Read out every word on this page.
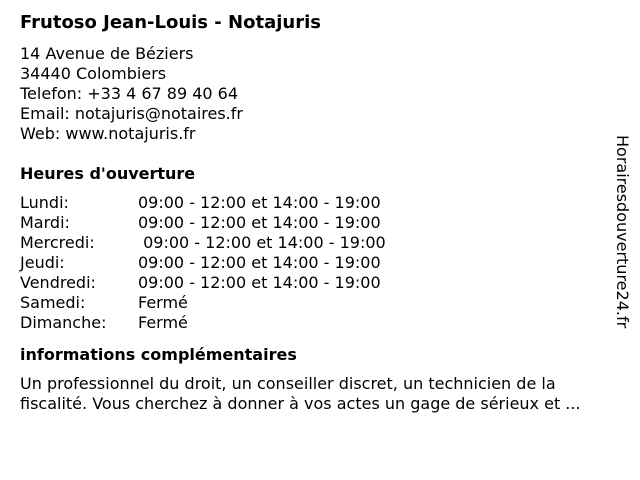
Frutoso Jean-Louis - Notajuris
14 Avenue de Béziers
34440 Colombiers
Telefon: +33 4 67 89 40 64
Email: notajuris@notaires.fr
Web: www.notajuris.fr
Heures d'ouverture
Lundi:	09:00 - 12:00 et 14:00 - 19:00
Mardi:	09:00 - 12:00 et 14:00 - 19:00
Mercredi:	09:00 - 12:00 et 14:00 - 19:00
Jeudi:	09:00 - 12:00 et 14:00 - 19:00
Vendredi:	09:00 - 12:00 et 14:00 - 19:00
Samedi:	Fermé
Dimanche:	Fermé
informations complémentaires
Un professionnel du droit, un conseiller discret, un technicien de la
fiscalité. Vous cherchez à donner à vos actes un gage de sérieux et ...
Horairesdouverture24.fr
